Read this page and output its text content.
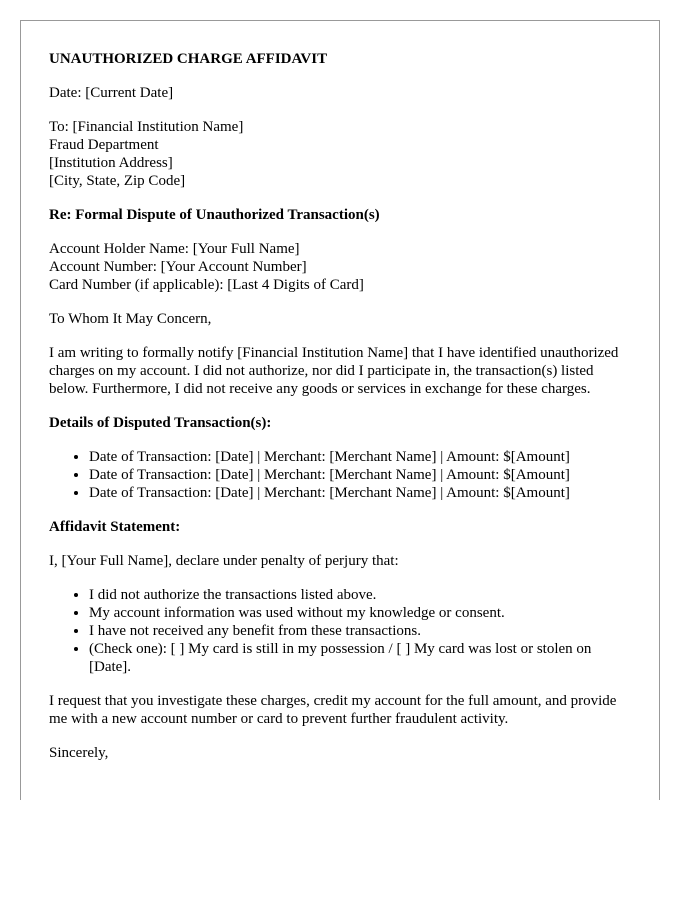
UNAUTHORIZED CHARGE AFFIDAVIT

Date: [Current Date]

To: [Financial Institution Name]
Fraud Department
[Institution Address]
[City, State, Zip Code]

Re: Formal Dispute of Unauthorized Transaction(s)

Account Holder Name: [Your Full Name]
Account Number: [Your Account Number]
Card Number (if applicable): [Last 4 Digits of Card]

To Whom It May Concern,

I am writing to formally notify [Financial Institution Name] that I have identified unauthorized charges on my account. I did not authorize, nor did I participate in, the transaction(s) listed below. Furthermore, I did not receive any goods or services in exchange for these charges.

Details of Disputed Transaction(s):

• Date of Transaction: [Date] | Merchant: [Merchant Name] | Amount: $[Amount]
• Date of Transaction: [Date] | Merchant: [Merchant Name] | Amount: $[Amount]
• Date of Transaction: [Date] | Merchant: [Merchant Name] | Amount: $[Amount]

Affidavit Statement:

I, [Your Full Name], declare under penalty of perjury that:

• I did not authorize the transactions listed above.
• My account information was used without my knowledge or consent.
• I have not received any benefit from these transactions.
• (Check one): [ ] My card is still in my possession / [ ] My card was lost or stolen on [Date].

I request that you investigate these charges, credit my account for the full amount, and provide me with a new account number or card to prevent further fraudulent activity.

Sincerely,
